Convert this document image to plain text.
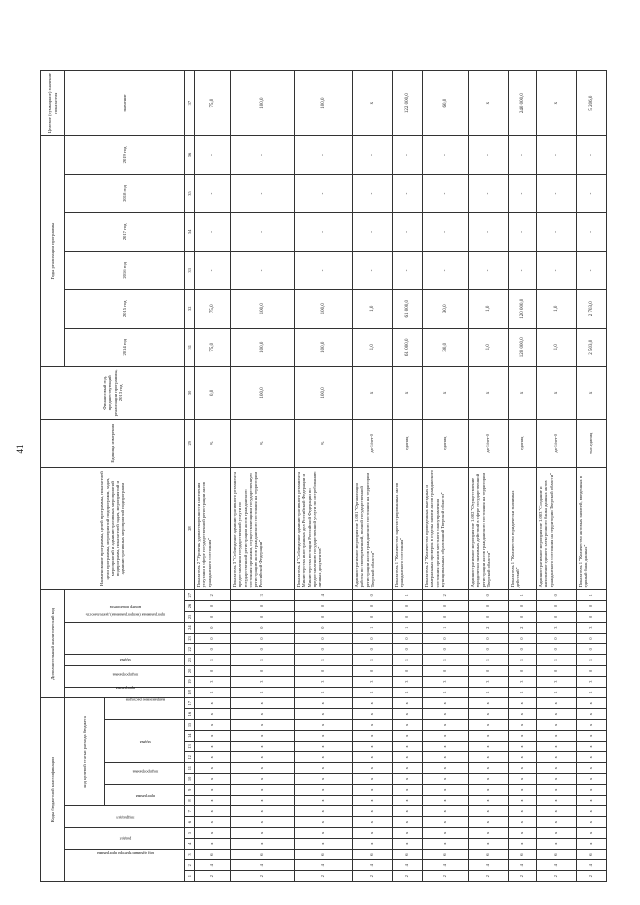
41
Коды бюджетной классификации																	Дополнительный аналитический код										Наименование программы, целей программы, показателей цели программы, мероприятий подпрограмм, задач, мероприятий и административных мероприятий подпрограмм, показателей задач, мероприятий и административных мероприятий подпрограмм	Единица измерения	Финансовый год, предшествующий реализации программы, 2013 год	Годы реализации программы						Целевое (суммарное) значение показателя
код администратора программы			раздел		подраздел		код целевой статьи расхода бюджета										программа	подпрограмма		задача	программная (непрограммная) деятельность			номер показателя						2014 год	2015 год	2016 год	2017 год	2018 год	2019 год	значение
							программа		подпрограмма		задача				направление расходов																					
1	2	3	4	5	6	7	8	9	10	11	12	13	14	15	16	17	18	19	20	21	22	23	24	25	26	27	28	29	30	31	32	33	34	35	36	37
2	4	6	x	x	x	x	x	x	x	x	x	x	x	x	x	x	1	3	0	1	0	0	0	0	0	2	Показатель 2 "Уровень удовлетворенности населения услугами в сфере государственной регистрации актов гражданского состояния"	%	0,0	75,0	75,0	-	-	-	-	75,0
2	4	6	x	x	x	x	x	x	x	x	x	x	x	x	x	x	1	3	0	1	0	0	0	0	0	3	Показатель 3 "Соблюдение административного регламента предоставления государственной услуги по государственной регистрации актов гражданского состояния органами, осуществляющими государственную регистрацию актов гражданского состояния на территории Российской Федерации"	%	100,0	100,0	100,0	-	-	-	-	100,0
2	4	6	x	x	x	x	x	x	x	x	x	x	x	x	x	x	1	3	0	1	0	0	0	0	0	4	Показатель 4 "Соблюдение административного регламента Министерства иностранных дел Российской Федерации и Министерства юстиции Российской Федерации по предоставлению государственной услуги по истребованию личных документов"	%	100,0	100,0	100,0	-	-	-	-	100,0
2	4	6	x	x	x	x	x	x	x	x	x	x	x	x	x	x	1	3	0	1	0	0	1	0	0	0	Административное мероприятие 1.001 "Организация работы по своевременной, полной государственной регистрации актов гражданского состояния на территории Тверской области"	да-1/нет-0	x	1,0	1,0	-	-	-	-	x
2	4	6	x	x	x	x	x	x	x	x	x	x	x	x	x	x	1	3	0	1	0	0	1	0	0	1	Показатель 1 "Количество зарегистрированных актов гражданского состояния"	единиц	x	61 000,0	61 000,0	-	-	-	-	122 000,0
2	4	6	x	x	x	x	x	x	x	x	x	x	x	x	x	x	1	3	0	1	0	0	1	0	0	2	Показатель 2 "Количество проведенных выездных и камеральных проверок в отделы записи актов гражданского состояния органов местного самоуправления муниципальных образований Тверской области"	единиц	x	30,0	30,0	-	-	-	-	60,0
2	4	6	x	x	x	x	x	x	x	x	x	x	x	x	x	x	1	3	0	1	0	0	2	0	0	0	Административное мероприятие 1.002 "Осуществление юридически значимых действий в сфере государственной регистрации актов гражданского состояния на территории Тверской области"	да-1/нет-0	x	1,0	1,0	-	-	-	-	x
2	4	6	x	x	x	x	x	x	x	x	x	x	x	x	x	x	1	3	0	1	0	0	2	0	0	1	Показатель 1 "Количество юридически значимых действий"	единиц	x	120 000,0	120 000,0	-	-	-	-	240 000,0
2	4	6	x	x	x	x	x	x	x	x	x	x	x	x	x	x	1	3	0	1	0	0	3	0	0	0	Административное мероприятие 1.003 "Создание и наполнение единого электронного банка данных актов гражданского состояния на территории Тверской области"	да-1/нет-0	x	1,0	1,0	-	-	-	-	x
2	4	6	x	x	x	x	x	x	x	x	x	x	x	x	x	x	1	3	0	1	0	0	3	0	0	1	Показатель 1 "Количество актовых записей, введенных в единый банк данных"	тыс.единиц	x	2 503,0	2 703,0	-	-	-	-	5 206,0
